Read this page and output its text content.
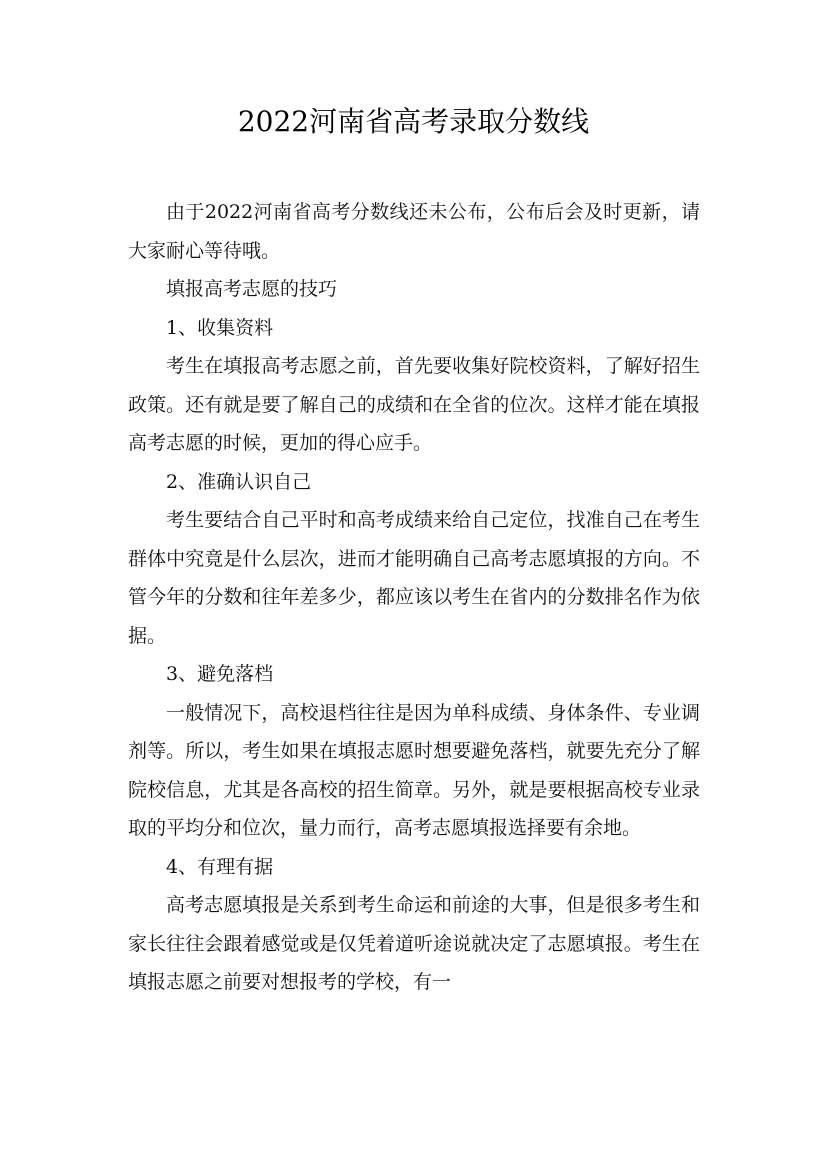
2022河南省高考录取分数线

由于2022河南省高考分数线还未公布，公布后会及时更新，请大家耐心等待哦。

填报高考志愿的技巧

1、收集资料

考生在填报高考志愿之前，首先要收集好院校资料，了解好招生政策。还有就是要了解自己的成绩和在全省的位次。这样才能在填报高考志愿的时候，更加的得心应手。

2、准确认识自己

考生要结合自己平时和高考成绩来给自己定位，找准自己在考生群体中究竟是什么层次，进而才能明确自己高考志愿填报的方向。不管今年的分数和往年差多少，都应该以考生在省内的分数排名作为依据。

3、避免落档

一般情况下，高校退档往往是因为单科成绩、身体条件、专业调剂等。所以，考生如果在填报志愿时想要避免落档，就要先充分了解院校信息，尤其是各高校的招生简章。另外，就是要根据高校专业录取的平均分和位次，量力而行，高考志愿填报选择要有余地。

4、有理有据

高考志愿填报是关系到考生命运和前途的大事，但是很多考生和家长往往会跟着感觉或是仅凭着道听途说就决定了志愿填报。考生在填报志愿之前要对想报考的学校，有一
